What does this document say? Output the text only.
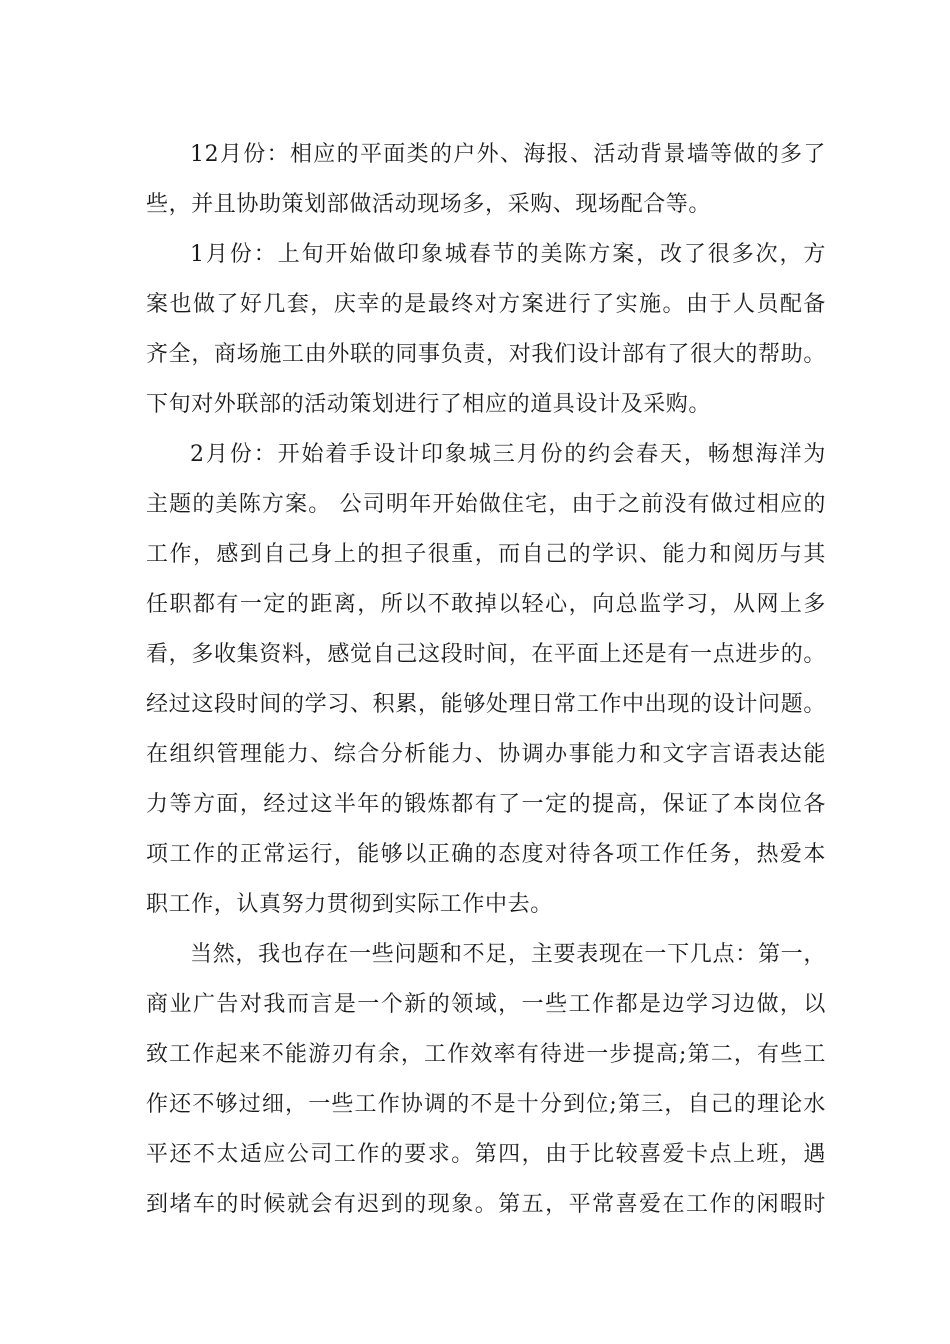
12月份：相应的平面类的户外、海报、活动背景墙等做的多了
些，并且协助策划部做活动现场多，采购、现场配合等。
1月份：上旬开始做印象城春节的美陈方案，改了很多次，方
案也做了好几套，庆幸的是最终对方案进行了实施。由于人员配备
齐全，商场施工由外联的同事负责，对我们设计部有了很大的帮助。
下旬对外联部的活动策划进行了相应的道具设计及采购。
2月份：开始着手设计印象城三月份的约会春天，畅想海洋为
主题的美陈方案。 公司明年开始做住宅，由于之前没有做过相应的
工作，感到自己身上的担子很重，而自己的学识、能力和阅历与其
任职都有一定的距离，所以不敢掉以轻心，向总监学习，从网上多
看，多收集资料，感觉自己这段时间，在平面上还是有一点进步的。
经过这段时间的学习、积累，能够处理日常工作中出现的设计问题。
在组织管理能力、综合分析能力、协调办事能力和文字言语表达能
力等方面，经过这半年的锻炼都有了一定的提高，保证了本岗位各
项工作的正常运行，能够以正确的态度对待各项工作任务，热爱本
职工作，认真努力贯彻到实际工作中去。
当然，我也存在一些问题和不足，主要表现在一下几点：第一，
商业广告对我而言是一个新的领域，一些工作都是边学习边做，以
致工作起来不能游刃有余，工作效率有待进一步提高;第二，有些工
作还不够过细，一些工作协调的不是十分到位;第三，自己的理论水
平还不太适应公司工作的要求。第四，由于比较喜爱卡点上班，遇
到堵车的时候就会有迟到的现象。第五，平常喜爱在工作的闲暇时
